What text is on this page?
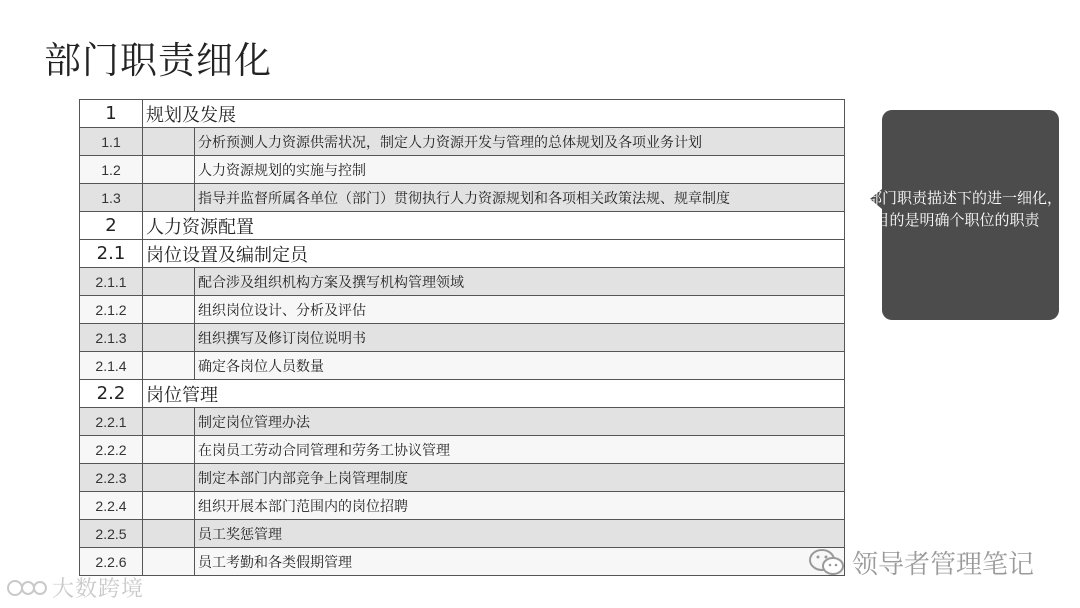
部门职责细化
1	规划及发展	
1.1		分析预测人力资源供需状况，制定人力资源开发与管理的总体规划及各项业务计划
1.2		人力资源规划的实施与控制
1.3		指导并监督所属各单位（部门）贯彻执行人力资源规划和各项相关政策法规、规章制度
2	人力资源配置	
2.1	岗位设置及编制定员	
2.1.1		配合涉及组织机构方案及撰写机构管理领域
2.1.2		组织岗位设计、分析及评估
2.1.3		组织撰写及修订岗位说明书
2.1.4		确定各岗位人员数量
2.2	岗位管理	
2.2.1		制定岗位管理办法
2.2.2		在岗员工劳动合同管理和劳务工协议管理
2.2.3		制定本部门内部竞争上岗管理制度
2.2.4		组织开展本部门范围内的岗位招聘
2.2.5		员工奖惩管理
2.2.6		员工考勤和各类假期管理
在部门职责描述下的进一细化，目的是明确个职位的职责
大数跨境
领导者管理笔记
